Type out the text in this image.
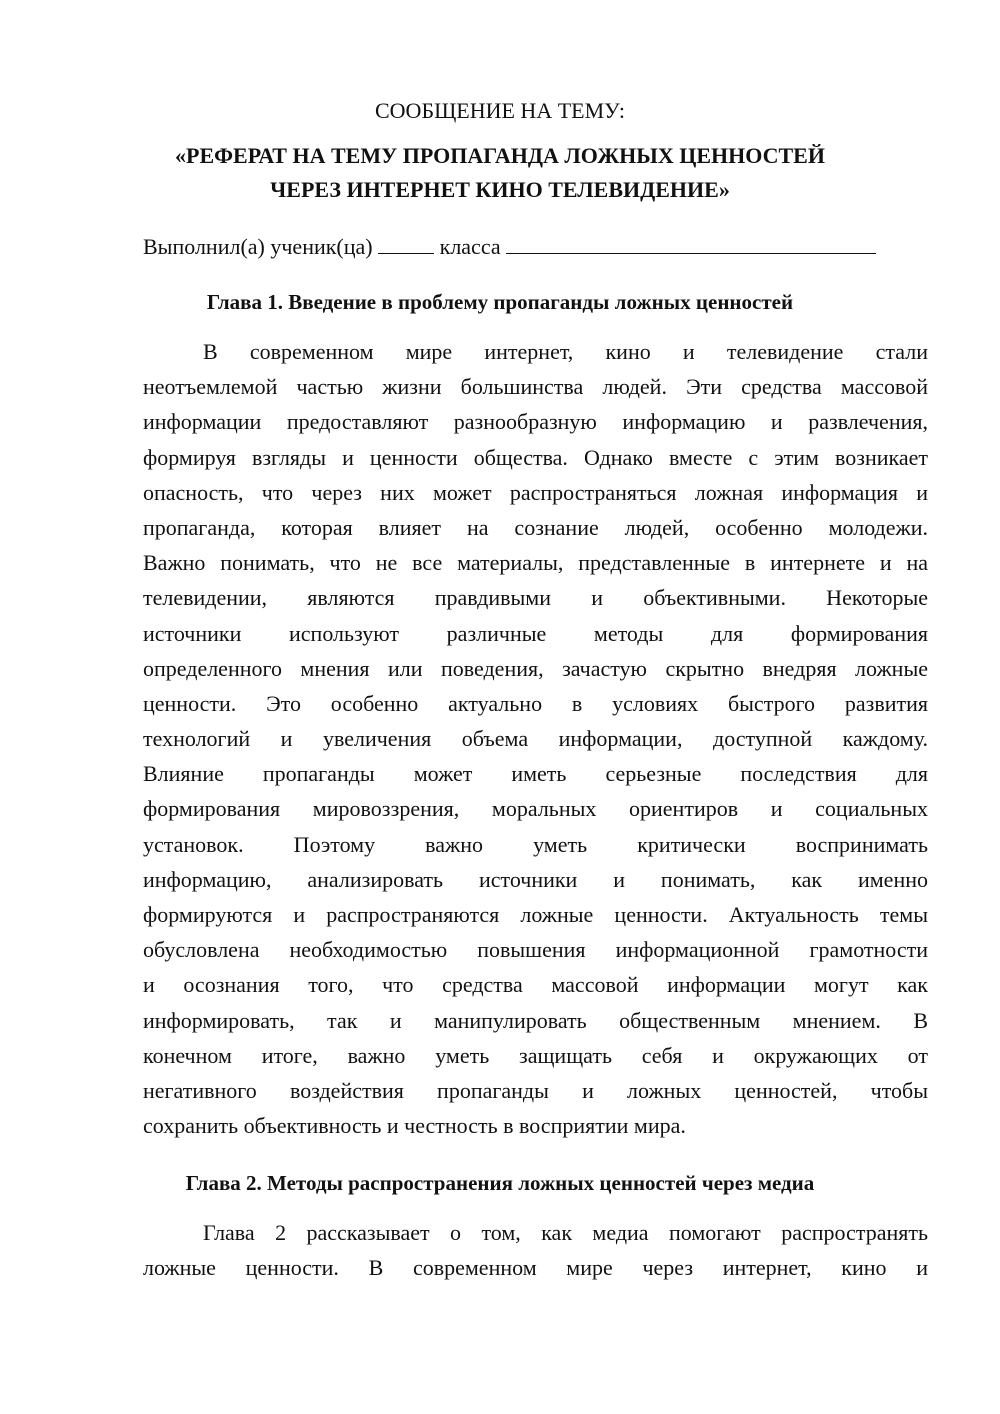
СООБЩЕНИЕ НА ТЕМУ:

«РЕФЕРАТ НА ТЕМУ ПРОПАГАНДА ЛОЖНЫХ ЦЕННОСТЕЙ

ЧЕРЕЗ ИНТЕРНЕТ КИНО ТЕЛЕВИДЕНИЕ»

Выполнил(а) ученик(ца)	класса

Глава 1. Введение в проблему пропаганды ложных ценностей

В современном мире интернет, кино и телевидение стали
неотъемлемой частью жизни большинства людей. Эти средства массовой
информации предоставляют разнообразную информацию и развлечения,
формируя взгляды и ценности общества. Однако вместе с этим возникает
опасность, что через них может распространяться ложная информация и
пропаганда, которая влияет на сознание людей, особенно молодежи.
Важно понимать, что не все материалы, представленные в интернете и на
телевидении, являются правдивыми и объективными. Некоторые
источники используют различные методы для формирования
определенного мнения или поведения, зачастую скрытно внедряя ложные
ценности. Это особенно актуально в условиях быстрого развития
технологий и увеличения объема информации, доступной каждому.
Влияние пропаганды может иметь серьезные последствия для
формирования мировоззрения, моральных ориентиров и социальных
установок. Поэтому важно уметь критически воспринимать
информацию, анализировать источники и понимать, как именно
формируются и распространяются ложные ценности. Актуальность темы
обусловлена необходимостью повышения информационной грамотности
и осознания того, что средства массовой информации могут как
информировать, так и манипулировать общественным мнением. В
конечном итоге, важно уметь защищать себя и окружающих от
негативного воздействия пропаганды и ложных ценностей, чтобы
сохранить объективность и честность в восприятии мира.

Глава 2. Методы распространения ложных ценностей через медиа

Глава 2 рассказывает о том, как медиа помогают распространять
ложные ценности. В современном мире через интернет, кино и
